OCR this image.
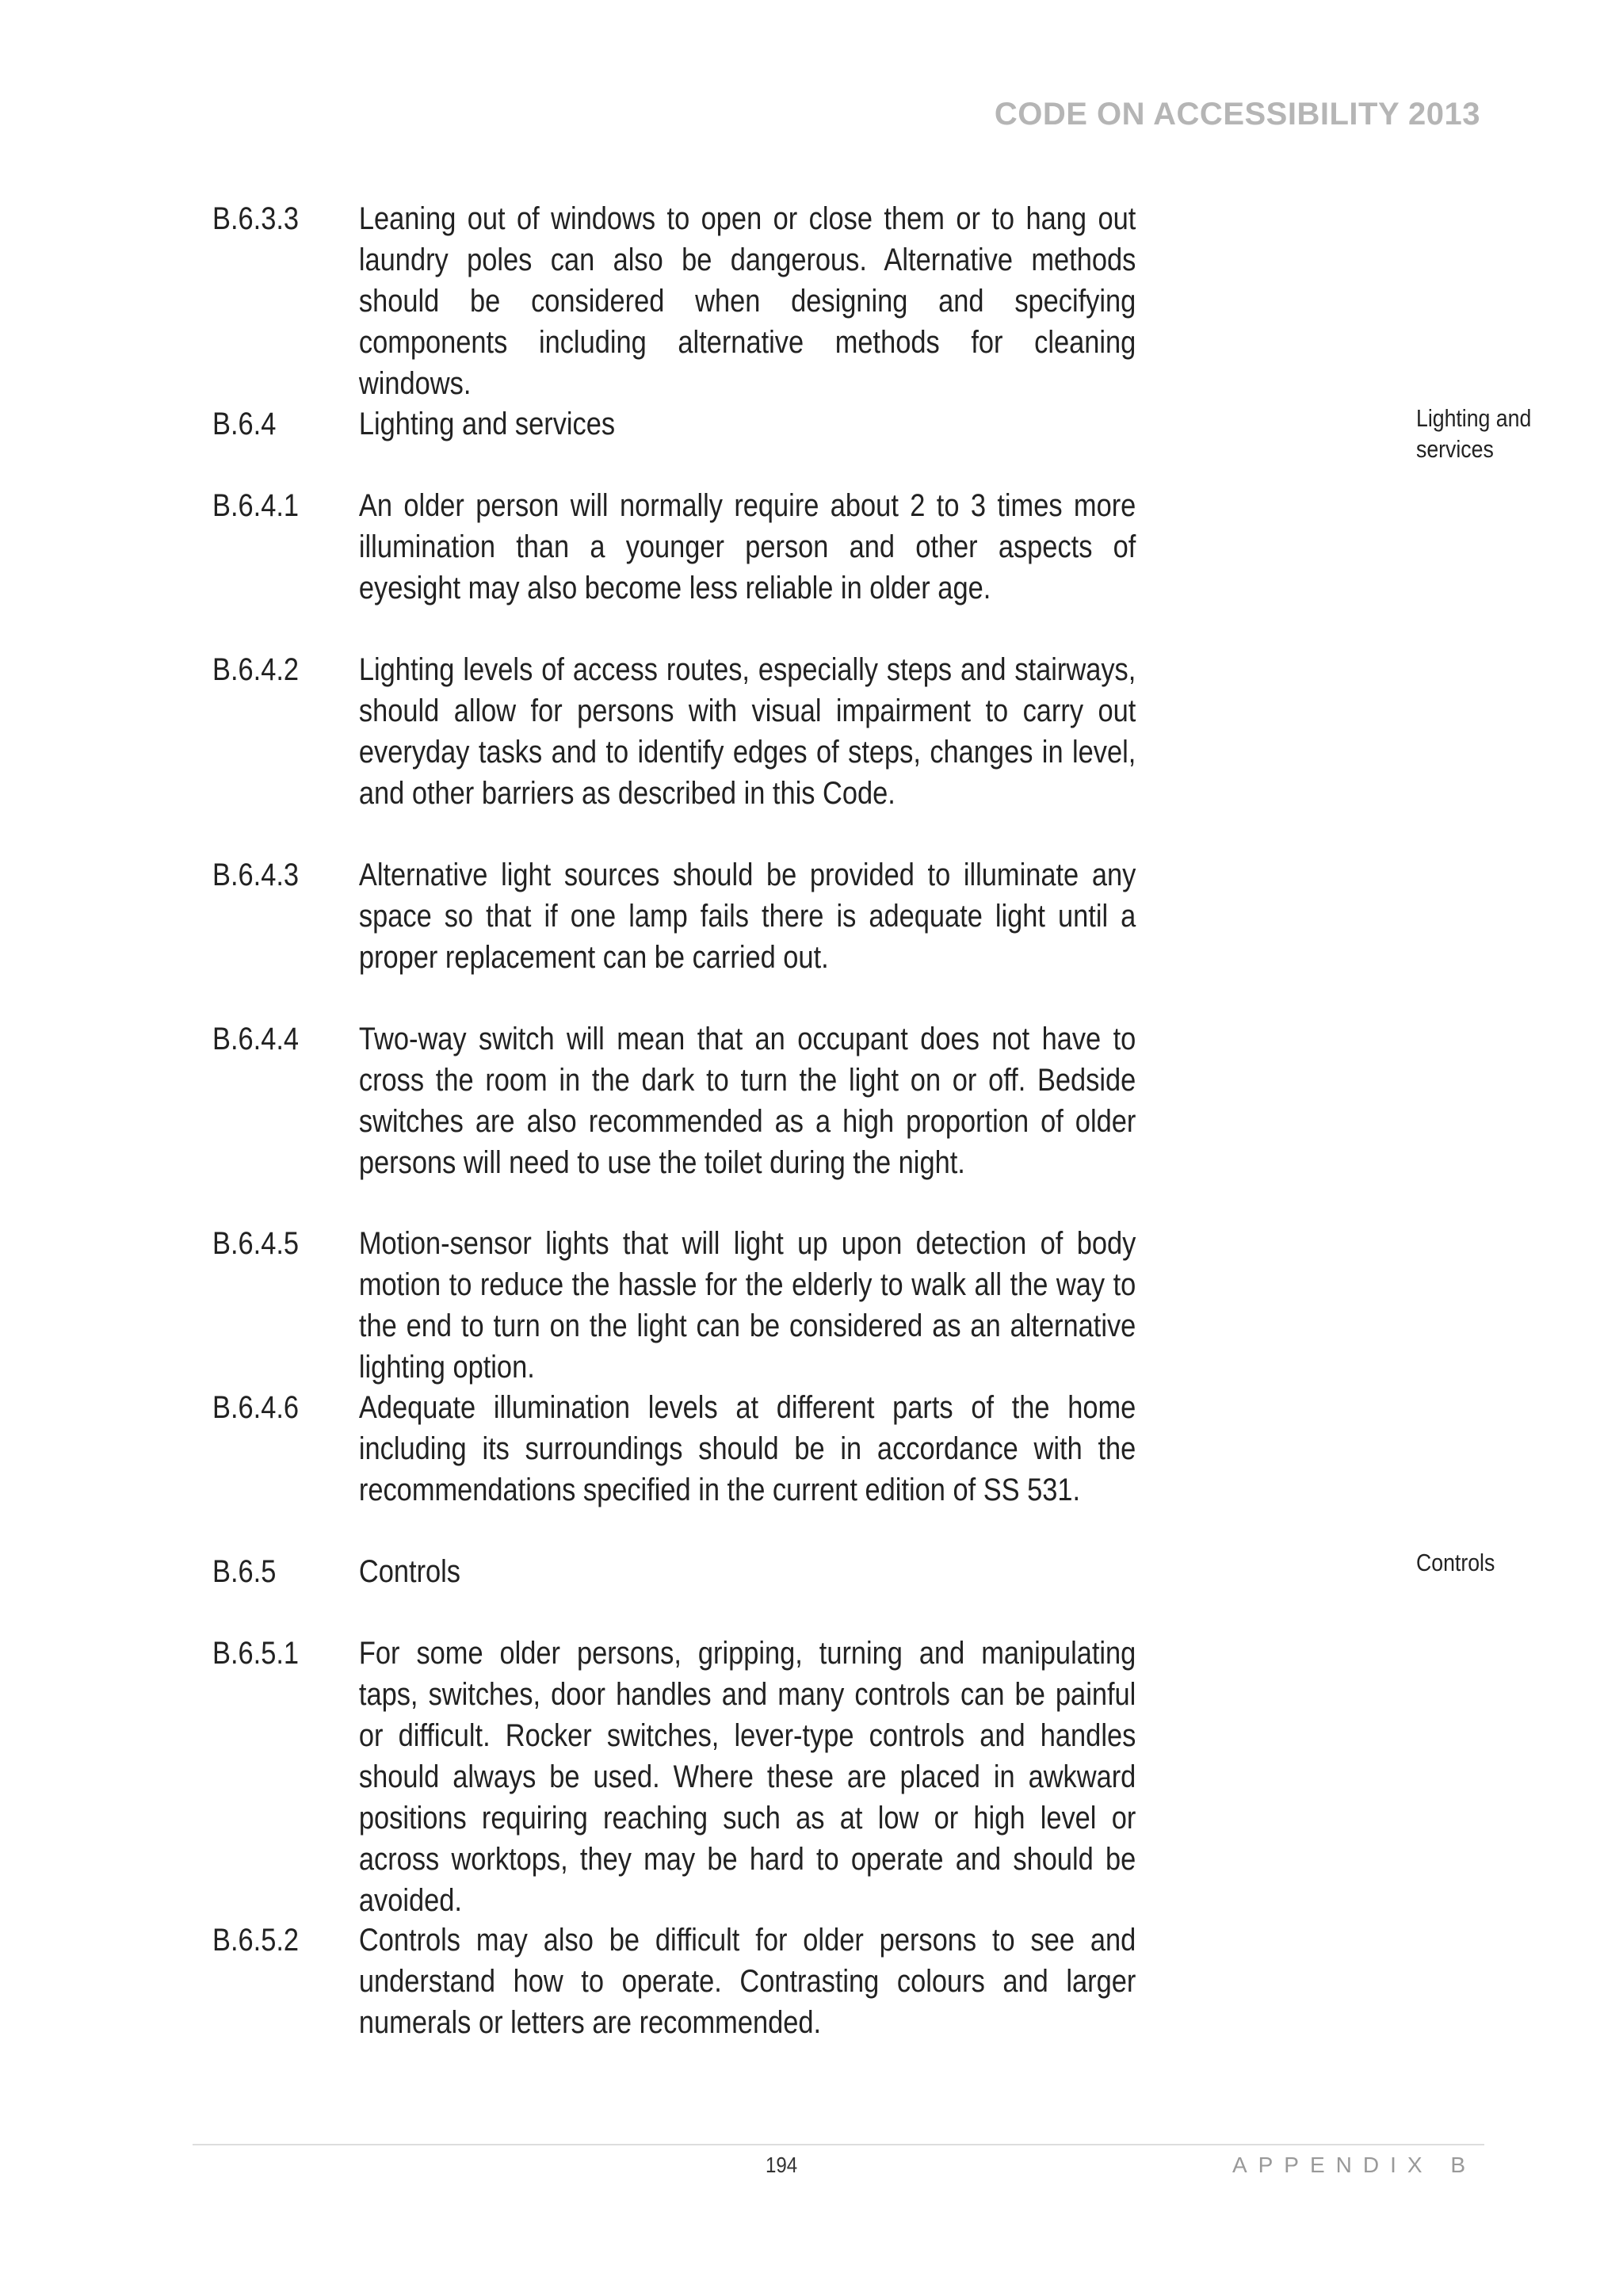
CODE ON ACCESSIBILITY 2013
B.6.3.3	Leaning out of windows to open or close them or to hang out laundry poles can also be dangerous. Alternative methods should be considered when designing and specifying components including alternative methods for cleaning windows.
B.6.4	Lighting and services
B.6.4.1	An older person will normally require about 2 to 3 times more illumination than a younger person and other aspects of eyesight may also become less reliable in older age.
B.6.4.2	Lighting levels of access routes, especially steps and stairways, should allow for persons with visual impairment to carry out everyday tasks and to identify edges of steps, changes in level, and other barriers as described in this Code.
B.6.4.3	Alternative light sources should be provided to illuminate any space so that if one lamp fails there is adequate light until a proper replacement can be carried out.
B.6.4.4	Two-way switch will mean that an occupant does not have to cross the room in the dark to turn the light on or off. Bedside switches are also recommended as a high proportion of older persons will need to use the toilet during the night.
B.6.4.5	Motion-sensor lights that will light up upon detection of body motion to reduce the hassle for the elderly to walk all the way to the end to turn on the light can be considered as an alternative lighting option.
B.6.4.6	Adequate illumination levels at different parts of the home including its surroundings should be in accordance with the recommendations specified in the current edition of SS 531.
B.6.5	Controls
B.6.5.1	For some older persons, gripping, turning and manipulating taps, switches, door handles and many controls can be painful or difficult. Rocker switches, lever-type controls and handles should always be used. Where these are placed in awkward positions requiring reaching such as at low or high level or across worktops, they may be hard to operate and should be avoided.
B.6.5.2	Controls may also be difficult for older persons to see and understand how to operate. Contrasting colours and larger numerals or letters are recommended.
Lighting and services
Controls
194	APPENDIX B
